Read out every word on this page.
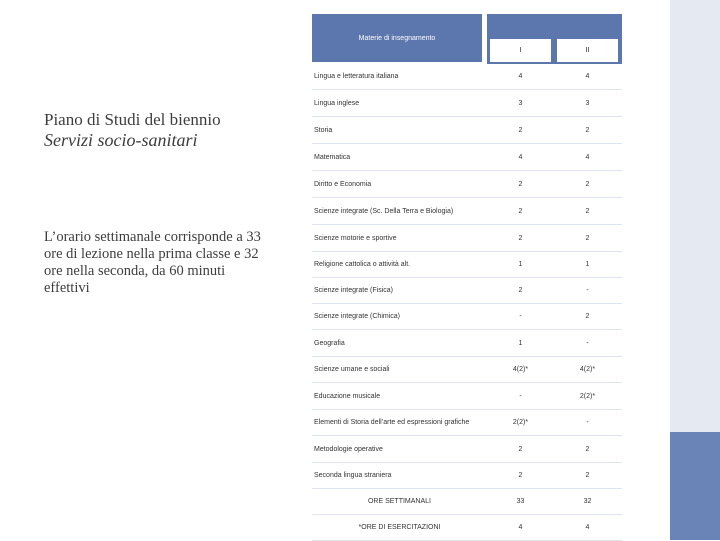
Piano di Studi del biennio
Servizi socio-sanitari
L’orario settimanale corrisponde a 33 ore di lezione nella prima classe e 32 ore nella seconda, da 60 minuti effettivi
Materie di insegnamento
I	II
Lingua e letteratura italiana	4	4
Lingua inglese	3	3
Storia	2	2
Matematica	4	4
Diritto e Economia	2	2
Scienze integrate (Sc. Della Terra e Biologia)	2	2
Scienze motorie e sportive	2	2
Religione cattolica o attività alt.	1	1
Scienze integrate (Fisica)	2	-
Scienze integrate (Chimica)	-	2
Geografia	1	-
Scienze umane e sociali	4(2)*	4(2)*
Educazione musicale	-	2(2)*
Elementi di Storia dell’arte ed espressioni grafiche	2(2)*	-
Metodologie operative	2	2
Seconda lingua straniera	2	2
ORE SETTIMANALI	33	32
*ORE DI ESERCITAZIONI	4	4
